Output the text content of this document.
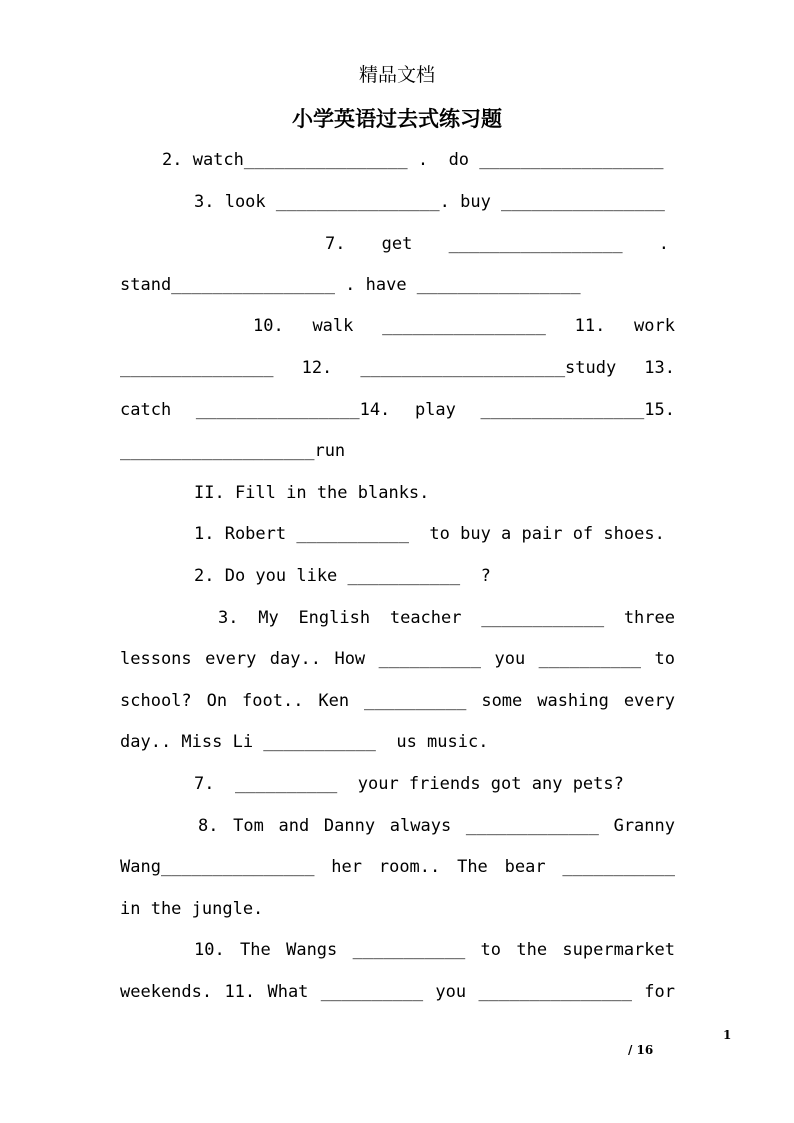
精品文档
小学英语过去式练习题
2. watch________________ .  do __________________
3. look ________________. buy ________________
7. get _________________ .
stand________________ . have ________________
10. walk ________________ 11. work
_______________ 12. ____________________study 13.
catch ________________14. play ________________15.
___________________run
II. Fill in the blanks.
1. Robert ___________  to buy a pair of shoes.
2. Do you like ___________  ?
3. My English teacher ____________ three
lessons every day.. How __________ you __________ to
school? On foot.. Ken __________ some washing every
day.. Miss Li ___________  us music.
7.  __________  your friends got any pets?
8. Tom and Danny always _____________ Granny
Wang_______________ her room.. The bear ___________
in the jungle.
10. The Wangs ___________ to the supermarket
weekends. 11. What __________ you _______________ for
1
/ 16
